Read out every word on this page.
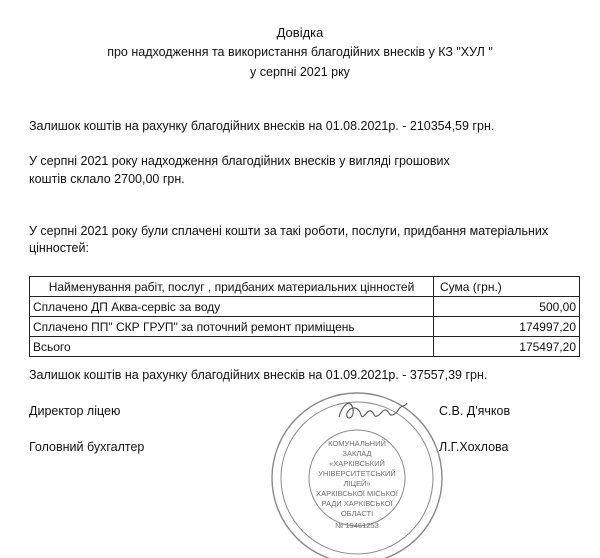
Довідка
про надходження та використання благодійних внесків у КЗ "ХУЛ "
у серпні 2021 рку
Залишок коштів на рахунку благодійних внесків на 01.08.2021р. - 210354,59 грн.
У серпні 2021 року надходження благодійних внесків у вигляді грошових
коштів склало 2700,00 грн.
У серпні 2021 року були сплачені кошти за такі роботи, послуги, придбання матеріальних
цінностей:
Найменування рабіт, послуг , придбаних материальних цінностей	Сума (грн.)
Сплачено ДП Аква-сервіс за воду	500,00
Сплачено ПП" СКР ГРУП" за поточний ремонт приміщень	174997,20
Всього	175497,20
Залишок коштів на рахунку благодійних внесків на 01.09.2021р. - 37557,39 грн.
КОМУНАЛЬНИЙ
ЗАКЛАД
«ХАРКІВСЬКИЙ
УНІВЕРСИТЕТСЬКИЙ
ЛІЦЕЙ»
ХАРКІВСЬКОЇ МІСЬКОЇ
РАДИ ХАРКІВСЬКОЇ
ОБЛАСТІ
№ 19461253
Директор ліцею	С.В. Д'ячков
Головний бухгалтер	Л.Г.Хохлова
